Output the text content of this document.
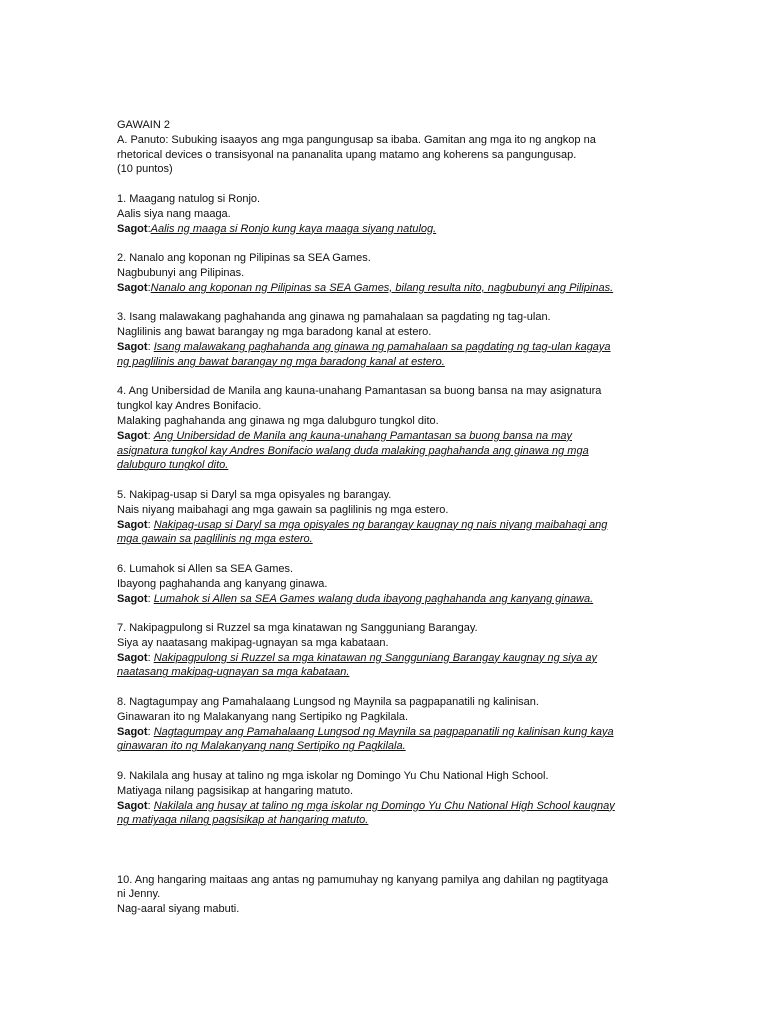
GAWAIN 2
A. Panuto: Subuking isaayos ang mga pangungusap sa ibaba. Gamitan ang mga ito ng angkop na
rhetorical devices o transisyonal na pananalita upang matamo ang koherens sa pangungusap.
(10 puntos)
1. Maagang natulog si Ronjo.
Aalis siya nang maaga.
Sagot:Aalis ng maaga si Ronjo kung kaya maaga siyang natulog.
2. Nanalo ang koponan ng Pilipinas sa SEA Games.
Nagbubunyi ang Pilipinas.
Sagot:Nanalo ang koponan ng Pilipinas sa SEA Games, bilang resulta nito, nagbubunyi ang Pilipinas.
3. Isang malawakang paghahanda ang ginawa ng pamahalaan sa pagdating ng tag-ulan.
Naglilinis ang bawat barangay ng mga baradong kanal at estero.
Sagot: Isang malawakang paghahanda ang ginawa ng pamahalaan sa pagdating ng tag-ulan kagaya
ng paglilinis ang bawat barangay ng mga baradong kanal at estero.
4. Ang Unibersidad de Manila ang kauna-unahang Pamantasan sa buong bansa na may asignatura
tungkol kay Andres Bonifacio.
Malaking paghahanda ang ginawa ng mga dalubguro tungkol dito.
Sagot: Ang Unibersidad de Manila ang kauna-unahang Pamantasan sa buong bansa na may
asignatura tungkol kay Andres Bonifacio walang duda malaking paghahanda ang ginawa ng mga
dalubguro tungkol dito.
5. Nakipag-usap si Daryl sa mga opisyales ng barangay.
Nais niyang maibahagi ang mga gawain sa paglilinis ng mga estero.
Sagot: Nakipag-usap si Daryl sa mga opisyales ng barangay kaugnay ng nais niyang maibahagi ang
mga gawain sa paglilinis ng mga estero.
6. Lumahok si Allen sa SEA Games.
Ibayong paghahanda ang kanyang ginawa.
Sagot: Lumahok si Allen sa SEA Games walang duda ibayong paghahanda ang kanyang ginawa.
7. Nakipagpulong si Ruzzel sa mga kinatawan ng Sangguniang Barangay.
Siya ay naatasang makipag-ugnayan sa mga kabataan.
Sagot: Nakipagpulong si Ruzzel sa mga kinatawan ng Sangguniang Barangay kaugnay ng siya ay
naatasang makipag-ugnayan sa mga kabataan.
8. Nagtagumpay ang Pamahalaang Lungsod ng Maynila sa pagpapanatili ng kalinisan.
Ginawaran ito ng Malakanyang nang Sertipiko ng Pagkilala.
Sagot: Nagtagumpay ang Pamahalaang Lungsod ng Maynila sa pagpapanatili ng kalinisan kung kaya
ginawaran ito ng Malakanyang nang Sertipiko ng Pagkilala.
9. Nakilala ang husay at talino ng mga iskolar ng Domingo Yu Chu National High School.
Matiyaga nilang pagsisikap at hangaring matuto.
Sagot: Nakilala ang husay at talino ng mga iskolar ng Domingo Yu Chu National High School kaugnay
ng matiyaga nilang pagsisikap at hangaring matuto.
10. Ang hangaring maitaas ang antas ng pamumuhay ng kanyang pamilya ang dahilan ng pagtityaga
ni Jenny.
Nag-aaral siyang mabuti.
